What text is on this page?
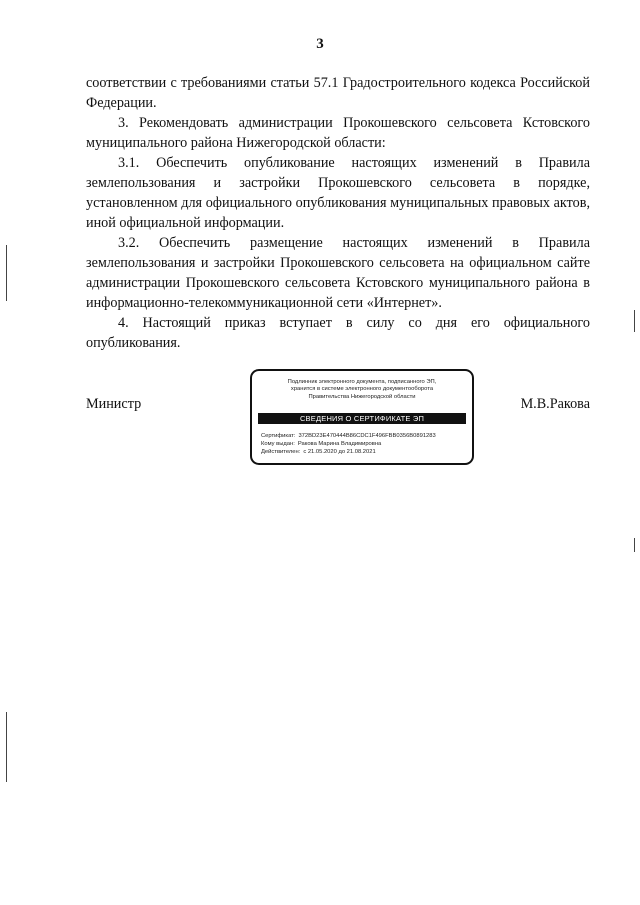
3

соответствии с требованиями статьи 57.1 Градостроительного кодекса Российской Федерации.

3. Рекомендовать администрации Прокошевского сельсовета Кстовского муниципального района Нижегородской области:

3.1. Обеспечить опубликование настоящих изменений в Правила землепользования и застройки Прокошевского сельсовета в порядке, установленном для официального опубликования муниципальных правовых актов, иной официальной информации.

3.2. Обеспечить размещение настоящих изменений в Правила землепользования и застройки Прокошевского сельсовета на официальном сайте администрации Прокошевского сельсовета Кстовского муниципального района в информационно-телекоммуникационной сети «Интернет».

4. Настоящий приказ вступает в силу со дня его официального опубликования.

Министр	М.В.Ракова
Подлинник электронного документа, подписанного ЭП,
хранится в системе электронного документооборота
Правительства Нижегородской области
СВЕДЕНИЯ О СЕРТИФИКАТЕ ЭП
Сертификат: 372BD23E470444B86CDC1F496FBB0356B0891283
Кому выдан: Ракова Марина Владимировна
Действителен: с 21.05.2020 до 21.08.2021
